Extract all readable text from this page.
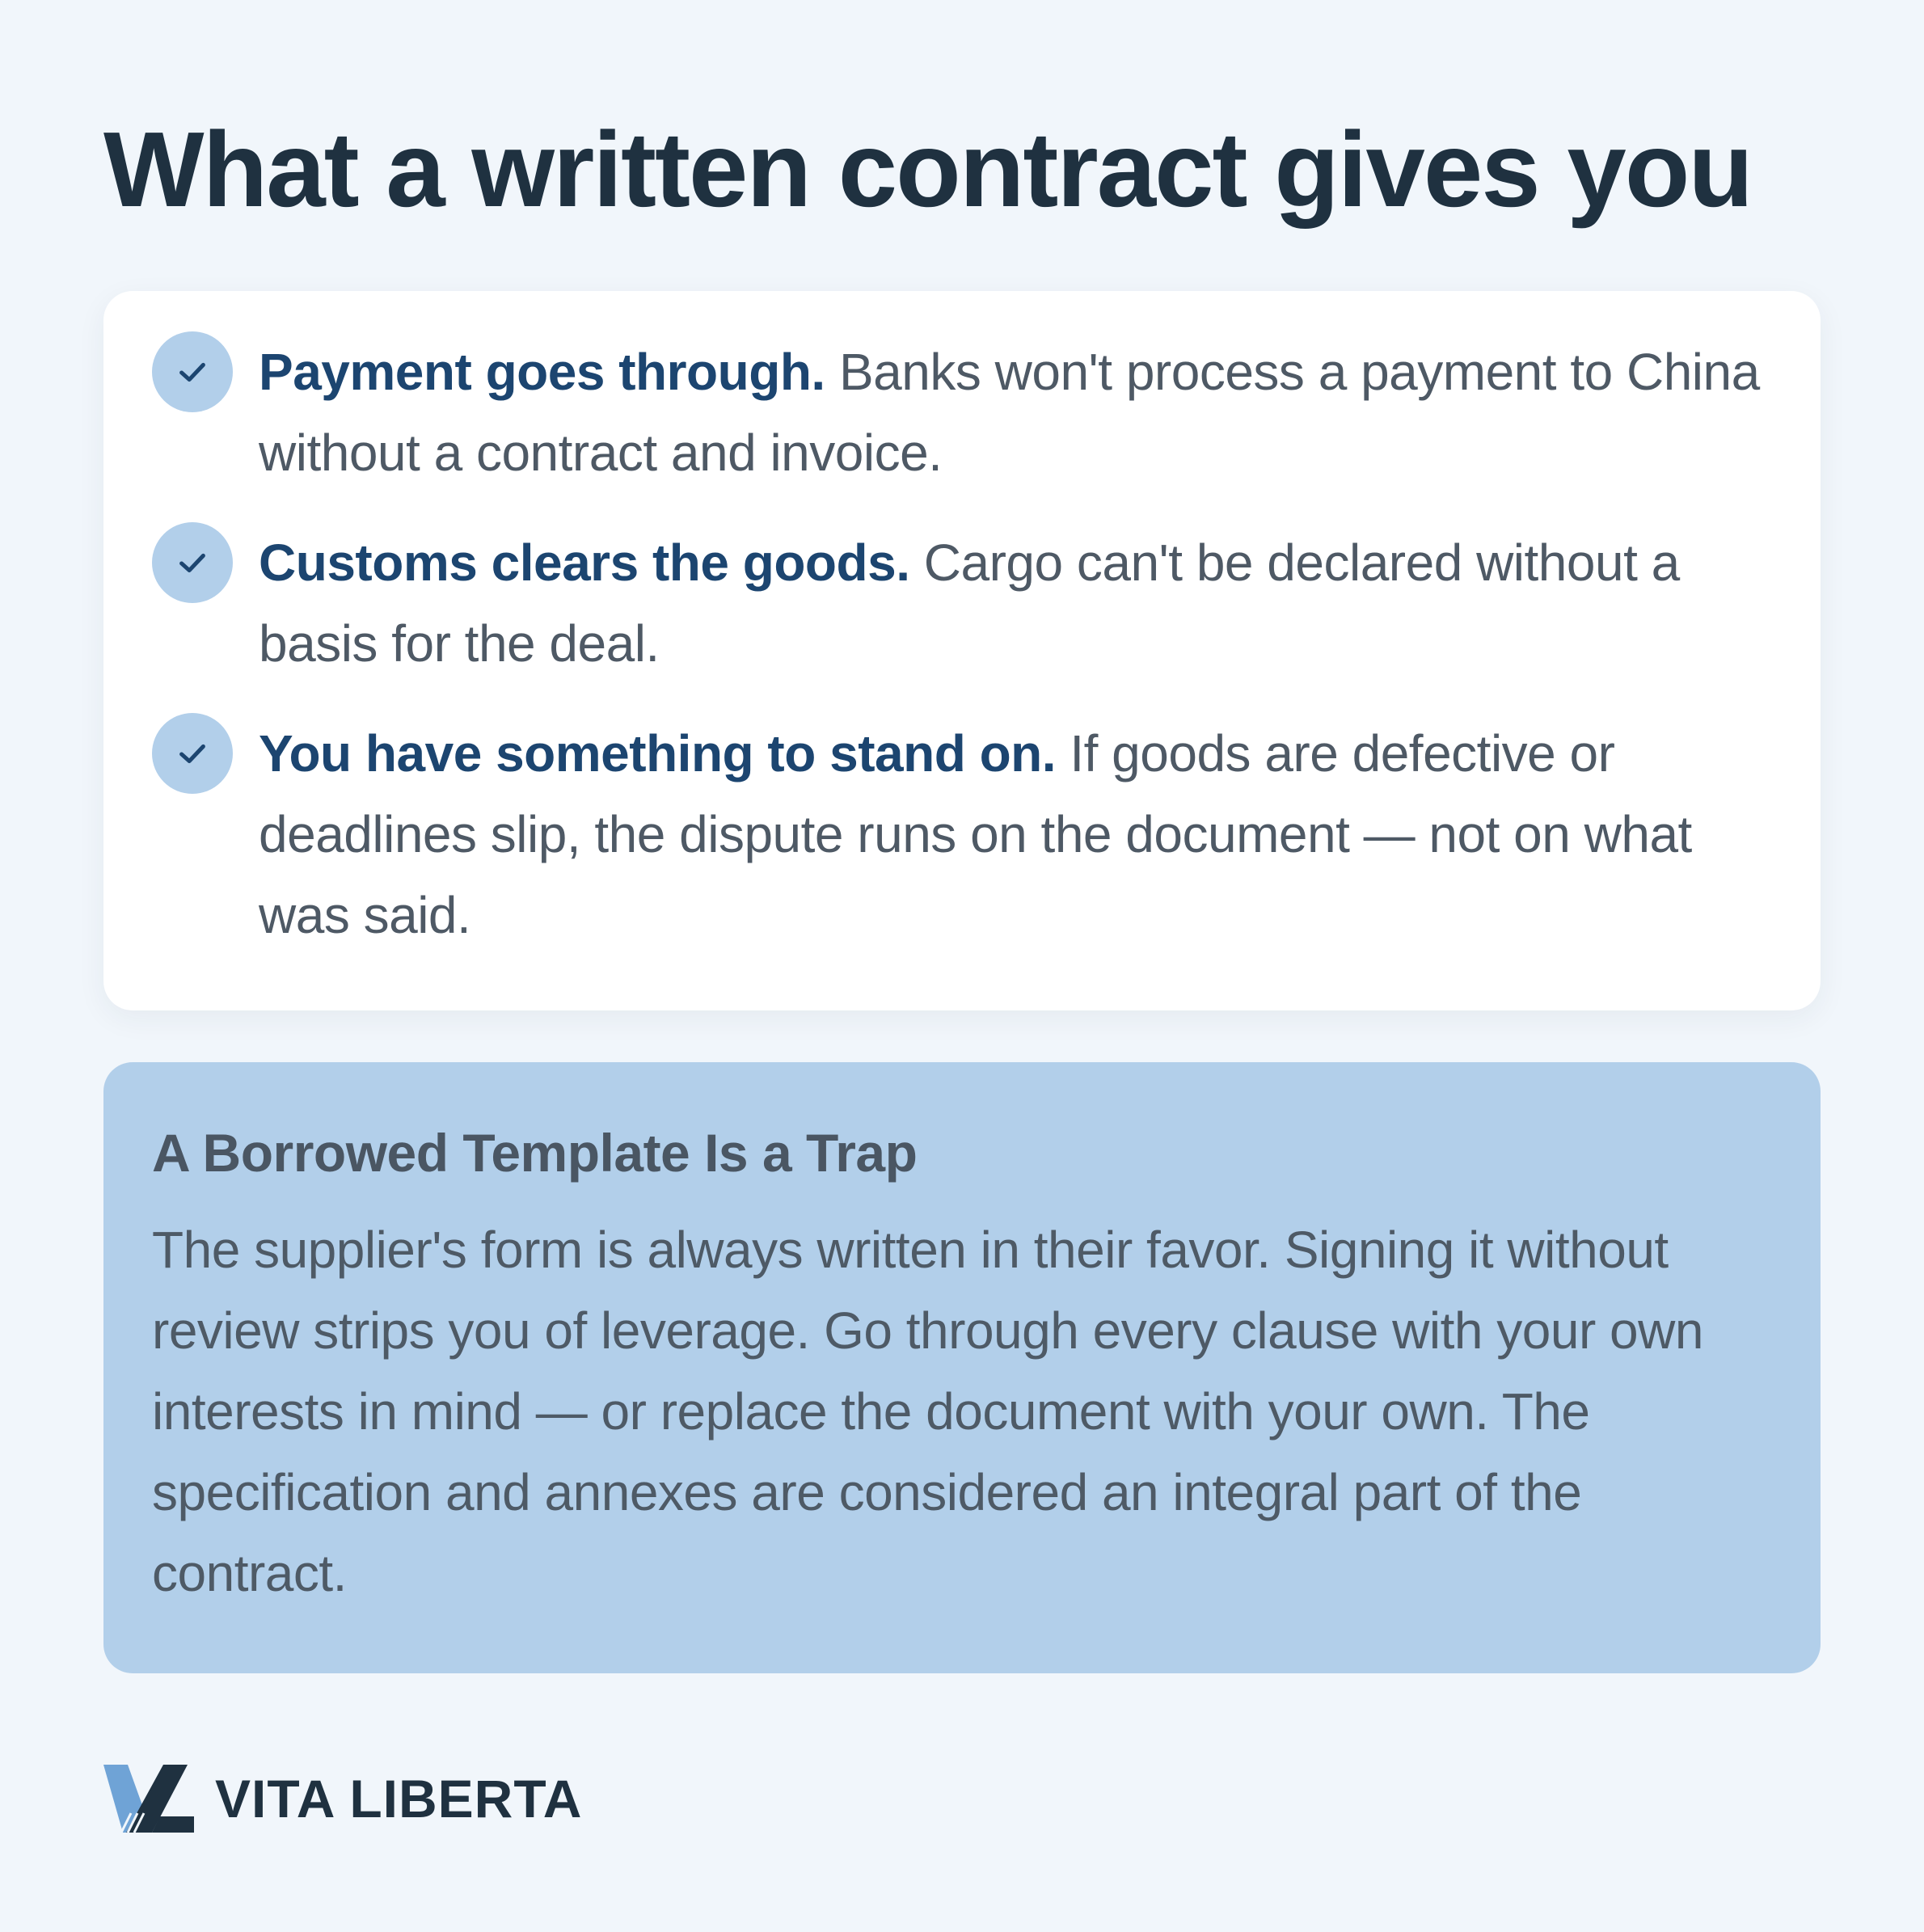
What a written contract gives you
Payment goes through. Banks won't process a payment to China without a contract and invoice.
Customs clears the goods. Cargo can't be declared without a basis for the deal.
You have something to stand on. If goods are defective or deadlines slip, the dispute runs on the document — not on what was said.
A Borrowed Template Is a Trap

The supplier's form is always written in their favor. Signing it without review strips you of leverage. Go through every clause with your own interests in mind — or replace the document with your own. The specification and annexes are considered an integral part of the contract.

VITA LIBERTA
